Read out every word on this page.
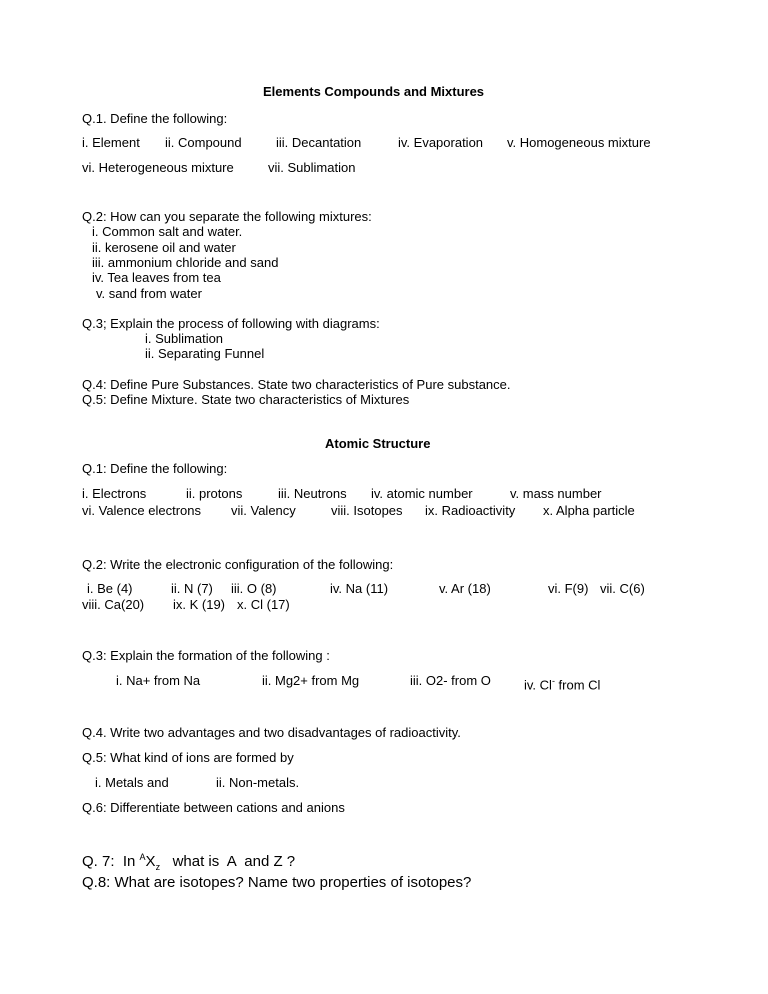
Elements Compounds and Mixtures
Q.1. Define the following:
i. Element ii. Compound	iii. Decantation	iv. Evaporation v. Homogeneous mixture
vi. Heterogeneous mixture	vii. Sublimation
Q.2: How can you separate the following mixtures:
i. Common salt and water.
ii. kerosene oil and water
iii. ammonium chloride and sand
iv. Tea leaves from tea
v. sand from water
Q.3; Explain the process of following with diagrams:
i. Sublimation
ii. Separating Funnel
Q.4: Define Pure Substances. State two characteristics of Pure substance.
Q.5: Define Mixture. State two characteristics of Mixtures
Atomic Structure
Q.1: Define the following:
i. Electrons	ii. protons	iii. Neutrons iv. atomic number	v. mass number
vi. Valence electrons vii. Valency	viii. Isotopes ix. Radioactivity x. Alpha particle
Q.2: Write the electronic configuration of the following:
i. Be (4)	ii. N (7) iii. O (8)	iv. Na (11)	v. Ar (18)	vi. F(9) vii. C(6)
viii. Ca(20) ix. K (19) x. Cl (17)
Q.3: Explain the formation of the following :
i. Na+ from Na	ii. Mg2+ from Mg	iii. O2- from O	iv. Cl- from Cl
Q.4. Write two advantages and two disadvantages of radioactivity.
Q.5: What kind of ions are formed by
i. Metals and	ii. Non-metals.
Q.6: Differentiate between cations and anions
Q. 7:  In $^AX_z$   what is  A  and Z ?
Q.8: What are isotopes? Name two properties of isotopes?
